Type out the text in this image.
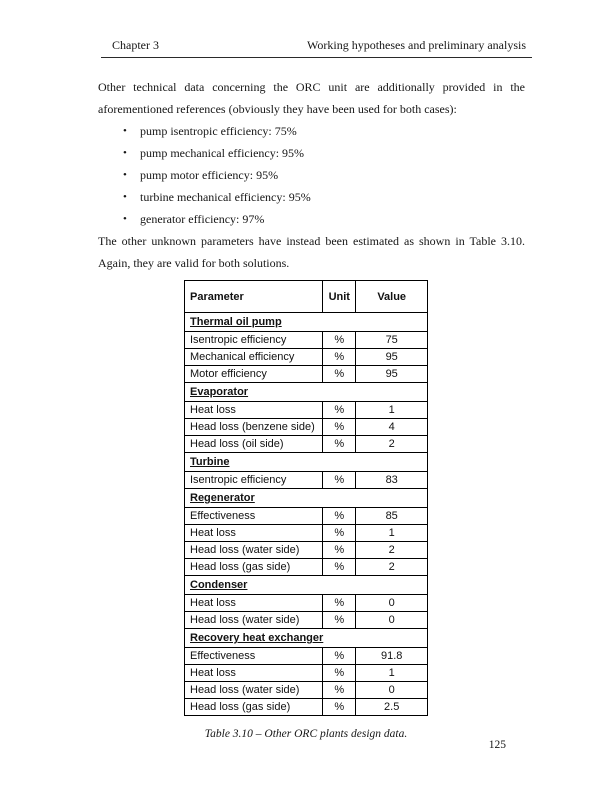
Chapter 3	Working hypotheses and preliminary analysis

Other technical data concerning the ORC unit are additionally provided in the aforementioned references (obviously they have been used for both cases):

•	pump isentropic efficiency: 75%
•	pump mechanical efficiency: 95%
•	pump motor efficiency: 95%
•	turbine mechanical efficiency: 95%
•	generator efficiency: 97%

The other unknown parameters have instead been estimated as shown in Table 3.10. Again, they are valid for both solutions.

Parameter	Unit	Value
Thermal oil pump		
Isentropic efficiency	%	75
Mechanical efficiency	%	95
Motor efficiency	%	95
Evaporator		
Heat loss	%	1
Head loss (benzene side)	%	4
Head loss (oil side)	%	2
Turbine		
Isentropic efficiency	%	83
Regenerator		
Effectiveness	%	85
Heat loss	%	1
Head loss (water side)	%	2
Head loss (gas side)	%	2
Condenser		
Heat loss	%	0
Head loss (water side)	%	0
Recovery heat exchanger		
Effectiveness	%	91.8
Heat loss	%	1
Head loss (water side)	%	0
Head loss (gas side)	%	2.5
Table 3.10 – Other ORC plants design data.
125
